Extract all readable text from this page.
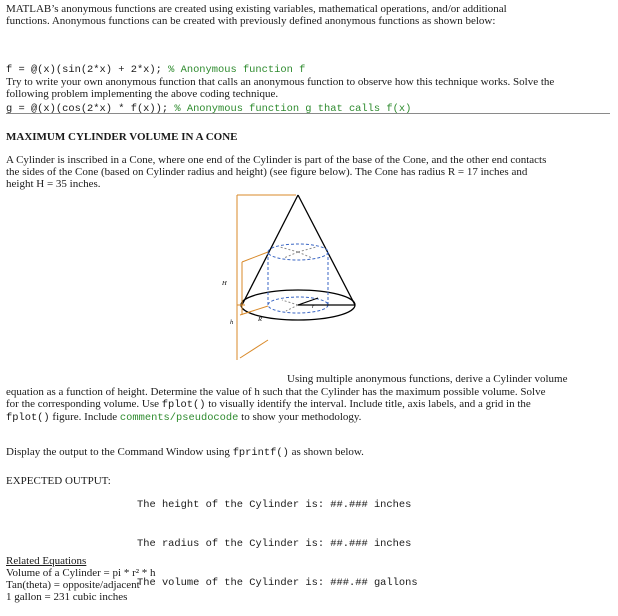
MATLAB’s anonymous functions are created using existing variables, mathematical operations, and/or additional
functions. Anonymous functions can be created with previously defined anonymous functions as shown below:

f = @(x)(sin(2*x) + 2*x); % Anonymous function f

g = @(x)(cos(2*x) * f(x)); % Anonymous function g that calls f(x)

Try to write your own anonymous function that calls an anonymous function to observe how this technique works. Solve the
following problem implementing the above coding technique.
MAXIMUM CYLINDER VOLUME IN A CONE
A Cylinder is inscribed in a Cone, where one end of the Cylinder is part of the base of the Cone, and the other end contacts
the sides of the Cone (based on Cylinder radius and height) (see figure below). The Cone has radius R = 17 inches and
height H = 35 inches.
H
h	R
r
Using multiple anonymous functions, derive a Cylinder volume
equation as a function of height. Determine the value of h such that the Cylinder has the maximum possible volume. Solve
for the corresponding volume. Use fplot() to visually identify the interval. Include title, axis labels, and a grid in the
fplot() figure. Include comments/pseudocode to show your methodology.
Display the output to the Command Window using fprintf() as shown below.
EXPECTED OUTPUT:

The height of the Cylinder is: ##.### inches

The radius of the Cylinder is: ##.### inches

The volume of the Cylinder is: ###.## gallons

Related Equations
Volume of a Cylinder = pi * r² * h
Tan(theta) = opposite/adjacent
1 gallon = 231 cubic inches
